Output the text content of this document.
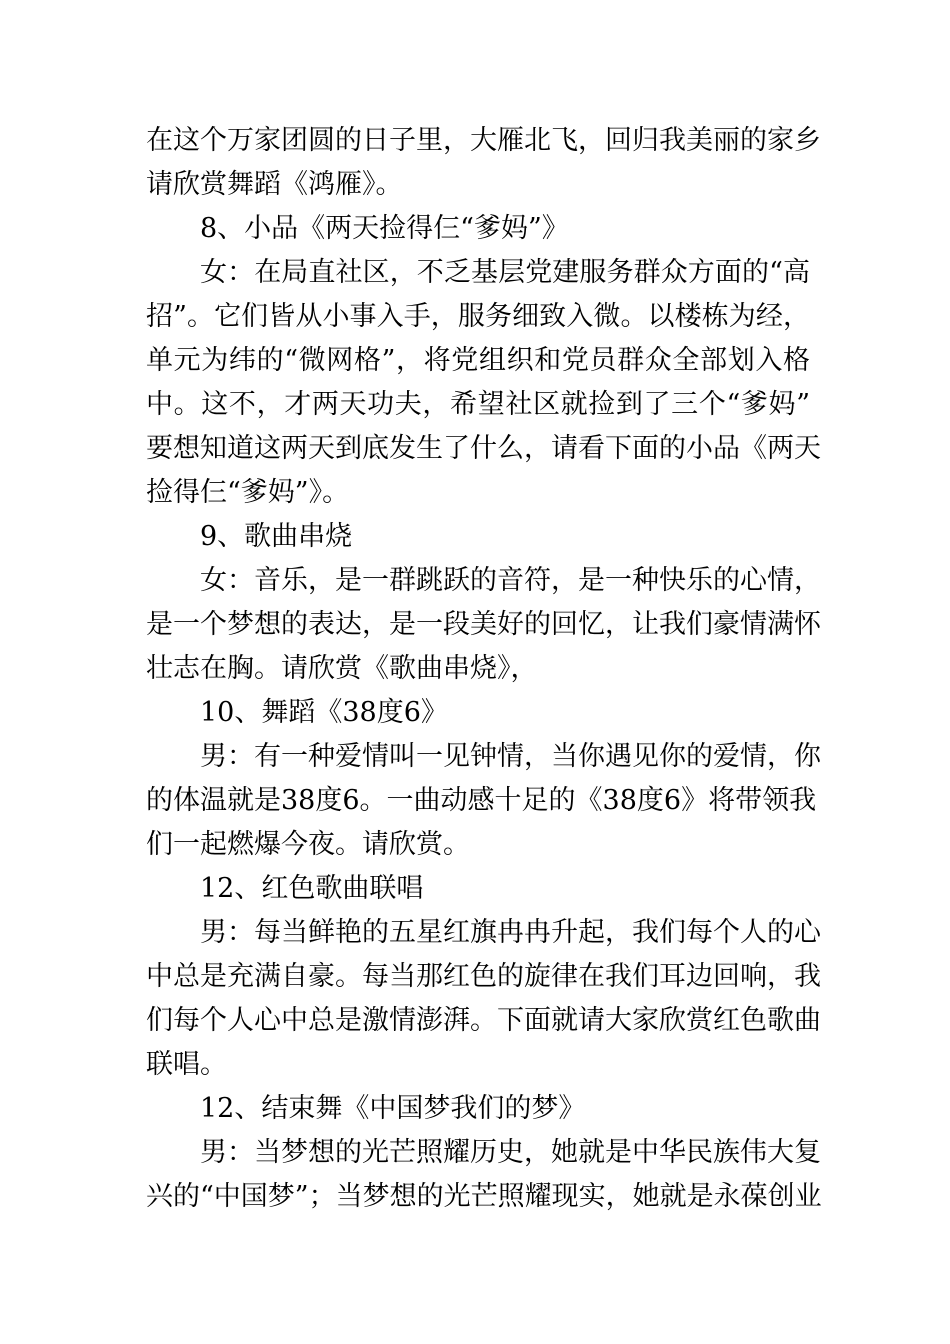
在这个万家团圆的日子里，大雁北飞，回归我美丽的家乡
请欣赏舞蹈《鸿雁》。
8、小品《两天捡得仨“爹妈”》
女：在局直社区，不乏基层党建服务群众方面的“高
招”。它们皆从小事入手，服务细致入微。以楼栋为经，
单元为纬的“微网格”，将党组织和党员群众全部划入格
中。这不，才两天功夫，希望社区就捡到了三个“爹妈”
要想知道这两天到底发生了什么，请看下面的小品《两天
捡得仨“爹妈”》。
9、歌曲串烧
女：音乐，是一群跳跃的音符，是一种快乐的心情，
是一个梦想的表达，是一段美好的回忆，让我们豪情满怀
壮志在胸。请欣赏《歌曲串烧》，
10、舞蹈《38度6》
男：有一种爱情叫一见钟情，当你遇见你的爱情，你
的体温就是38度6。一曲动感十足的《38度6》将带领我
们一起燃爆今夜。请欣赏。
12、红色歌曲联唱
男：每当鲜艳的五星红旗冉冉升起，我们每个人的心
中总是充满自豪。每当那红色的旋律在我们耳边回响，我
们每个人心中总是激情澎湃。下面就请大家欣赏红色歌曲
联唱。
12、结束舞《中国梦我们的梦》
男：当梦想的光芒照耀历史，她就是中华民族伟大复
兴的“中国梦”；当梦想的光芒照耀现实，她就是永葆创业
